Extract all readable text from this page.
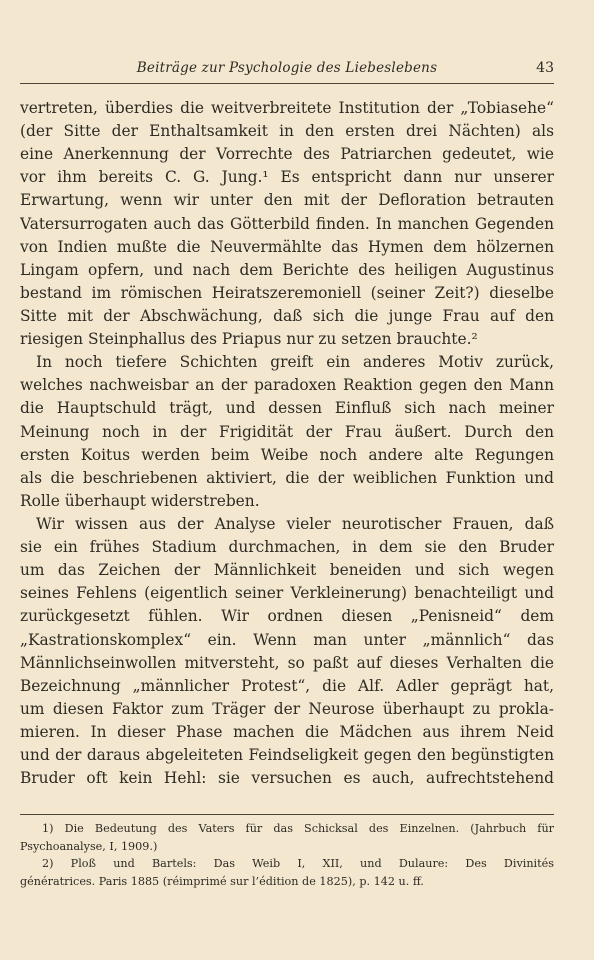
Beiträge zur Psychologie des Liebeslebens	43
vertreten, überdies die weitverbreitete Institution der „Tobiasehe“
(der Sitte der Enthaltsamkeit in den ersten drei Nächten) als
eine Anerkennung der Vorrechte des Patriarchen gedeutet, wie
vor ihm bereits C. G. Jung.¹ Es entspricht dann nur unserer
Erwartung, wenn wir unter den mit der Defloration betrauten
Vatersurrogaten auch das Götterbild finden. In manchen Gegenden
von Indien mußte die Neuvermählte das Hymen dem hölzernen
Lingam opfern, und nach dem Berichte des heiligen Augustinus
bestand im römischen Heiratszeremoniell (seiner Zeit?) dieselbe
Sitte mit der Abschwächung, daß sich die junge Frau auf den
riesigen Steinphallus des Priapus nur zu setzen brauchte.²
In noch tiefere Schichten greift ein anderes Motiv zurück,
welches nachweisbar an der paradoxen Reaktion gegen den Mann
die Hauptschuld trägt, und dessen Einfluß sich nach meiner
Meinung noch in der Frigidität der Frau äußert. Durch den
ersten Koitus werden beim Weibe noch andere alte Regungen
als die beschriebenen aktiviert, die der weiblichen Funktion und
Rolle überhaupt widerstreben.
Wir wissen aus der Analyse vieler neurotischer Frauen, daß
sie ein frühes Stadium durchmachen, in dem sie den Bruder
um das Zeichen der Männlichkeit beneiden und sich wegen
seines Fehlens (eigentlich seiner Verkleinerung) benachteiligt und
zurückgesetzt fühlen. Wir ordnen diesen „Penisneid“ dem
„Kastrationskomplex“ ein. Wenn man unter „männlich“ das
Männlichseinwollen mitversteht, so paßt auf dieses Verhalten die
Bezeichnung „männlicher Protest“, die Alf. Adler geprägt hat,
um diesen Faktor zum Träger der Neurose überhaupt zu prokla-
mieren. In dieser Phase machen die Mädchen aus ihrem Neid
und der daraus abgeleiteten Feindseligkeit gegen den begünstigten
Bruder oft kein Hehl: sie versuchen es auch, aufrechtstehend
1) Die Bedeutung des Vaters für das Schicksal des Einzelnen. (Jahrbuch für
Psychoanalyse, I, 1909.)
2) Ploß und Bartels: Das Weib I, XII, und Dulaure: Des Divinités
génératrices. Paris 1885 (réimprimé sur l’édition de 1825), p. 142 u. ff.
